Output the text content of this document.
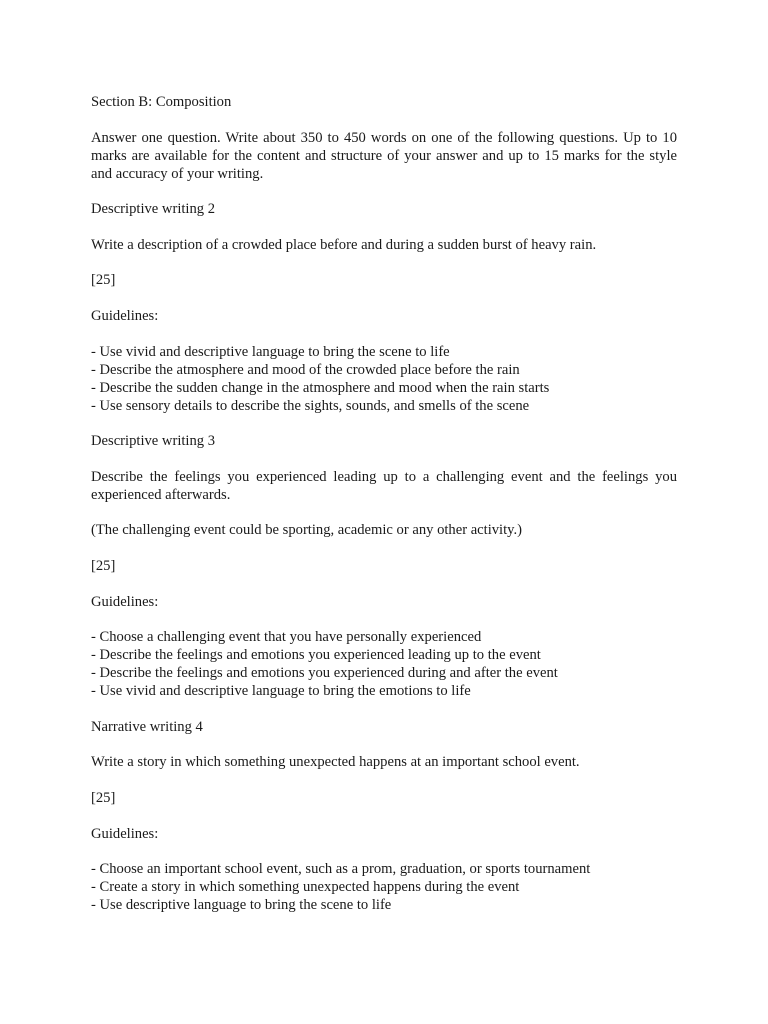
Section B: Composition

Answer one question. Write about 350 to 450 words on one of the following questions. Up to 10 marks are available for the content and structure of your answer and up to 15 marks for the style and accuracy of your writing.

Descriptive writing 2

Write a description of a crowded place before and during a sudden burst of heavy rain.

[25]

Guidelines:

- Use vivid and descriptive language to bring the scene to life
- Describe the atmosphere and mood of the crowded place before the rain
- Describe the sudden change in the atmosphere and mood when the rain starts
- Use sensory details to describe the sights, sounds, and smells of the scene

Descriptive writing 3

Describe the feelings you experienced leading up to a challenging event and the feelings you experienced afterwards.

(The challenging event could be sporting, academic or any other activity.)

[25]

Guidelines:

- Choose a challenging event that you have personally experienced
- Describe the feelings and emotions you experienced leading up to the event
- Describe the feelings and emotions you experienced during and after the event
- Use vivid and descriptive language to bring the emotions to life

Narrative writing 4

Write a story in which something unexpected happens at an important school event.

[25]

Guidelines:

- Choose an important school event, such as a prom, graduation, or sports tournament
- Create a story in which something unexpected happens during the event
- Use descriptive language to bring the scene to life
